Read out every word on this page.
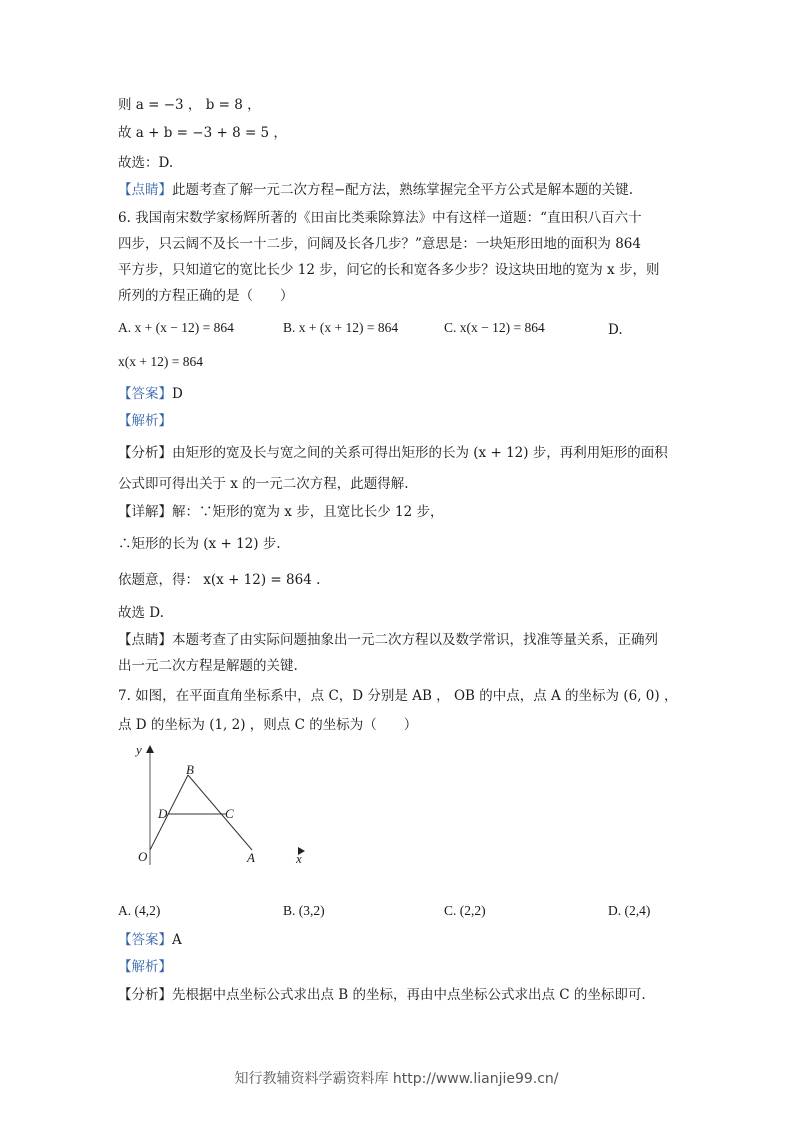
则 a = −3 ， b = 8 ，
故 a + b = −3 + 8 = 5 ，
故选：D.
【点睛】此题考查了解一元二次方程−配方法，熟练掌握完全平方公式是解本题的关键.
6. 我国南宋数学家杨辉所著的《田亩比类乘除算法》中有这样一道题：“直田积八百六十
四步，只云阔不及长一十二步，问阔及长各几步？”意思是：一块矩形田地的面积为 864
平方步，只知道它的宽比长少 12 步，问它的长和宽各多少步？设这块田地的宽为 x 步，则
所列的方程正确的是（　　）
A. x + (x − 12) = 864	B. x + (x + 12) = 864	C. x(x − 12) = 864	D.
x(x + 12) = 864
【答案】D
【解析】
【分析】由矩形的宽及长与宽之间的关系可得出矩形的长为 (x + 12) 步，再利用矩形的面积
公式即可得出关于 x 的一元二次方程，此题得解.
【详解】解：∵矩形的宽为 x 步，且宽比长少 12 步，
∴矩形的长为 (x + 12) 步.
依题意，得： x(x + 12) = 864 .
故选 D.
【点睛】本题考查了由实际问题抽象出一元二次方程以及数学常识，找准等量关系，正确列
出一元二次方程是解题的关键.
7. 如图，在平面直角坐标系中，点 C，D 分别是 AB ， OB 的中点，点 A 的坐标为 (6, 0) ，
点 D 的坐标为 (1, 2) ，则点 C 的坐标为（　　）
y
x
B
D	C
O	A
A. (4,2)	B. (3,2)	C. (2,2)	D. (2,4)
【答案】A
【解析】
【分析】先根据中点坐标公式求出点 B 的坐标，再由中点坐标公式求出点 C 的坐标即可.
知行教辅资料学霸资料库 http://www.lianjie99.cn/
